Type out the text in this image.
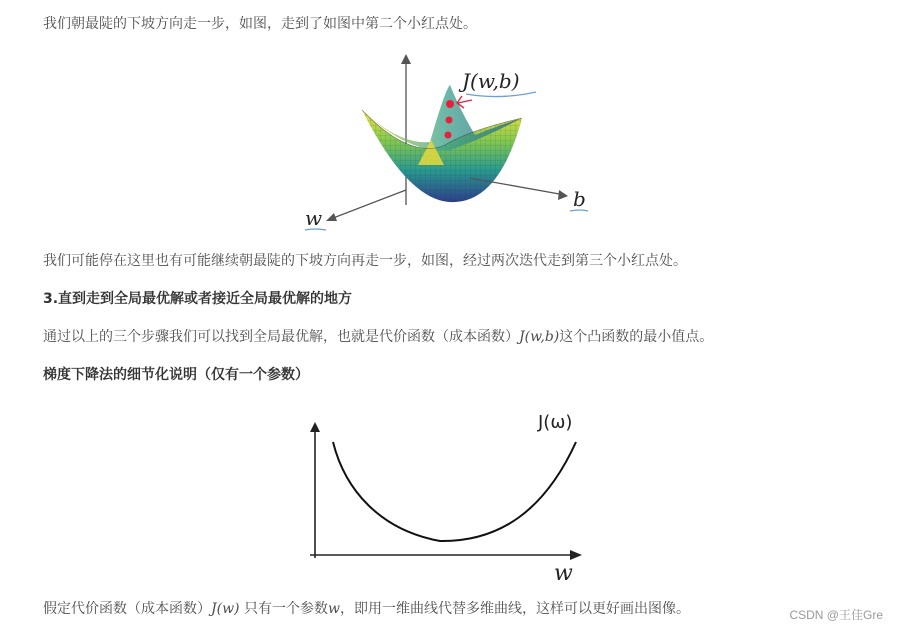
我们朝最陡的下坡方向走一步，如图，走到了如图中第二个小红点处。
J(w,b)
w
b
我们可能停在这里也有可能继续朝最陡的下坡方向再走一步，如图，经过两次迭代走到第三个小红点处。
3.直到走到全局最优解或者接近全局最优解的地方
通过以上的三个步骤我们可以找到全局最优解，也就是代价函数（成本函数）J(w,b)这个凸函数的最小值点。
梯度下降法的细节化说明（仅有一个参数）
J(ω)
w
假定代价函数（成本函数）J(w) 只有一个参数w，即用一维曲线代替多维曲线，这样可以更好画出图像。	CSDN @王佳Gre
